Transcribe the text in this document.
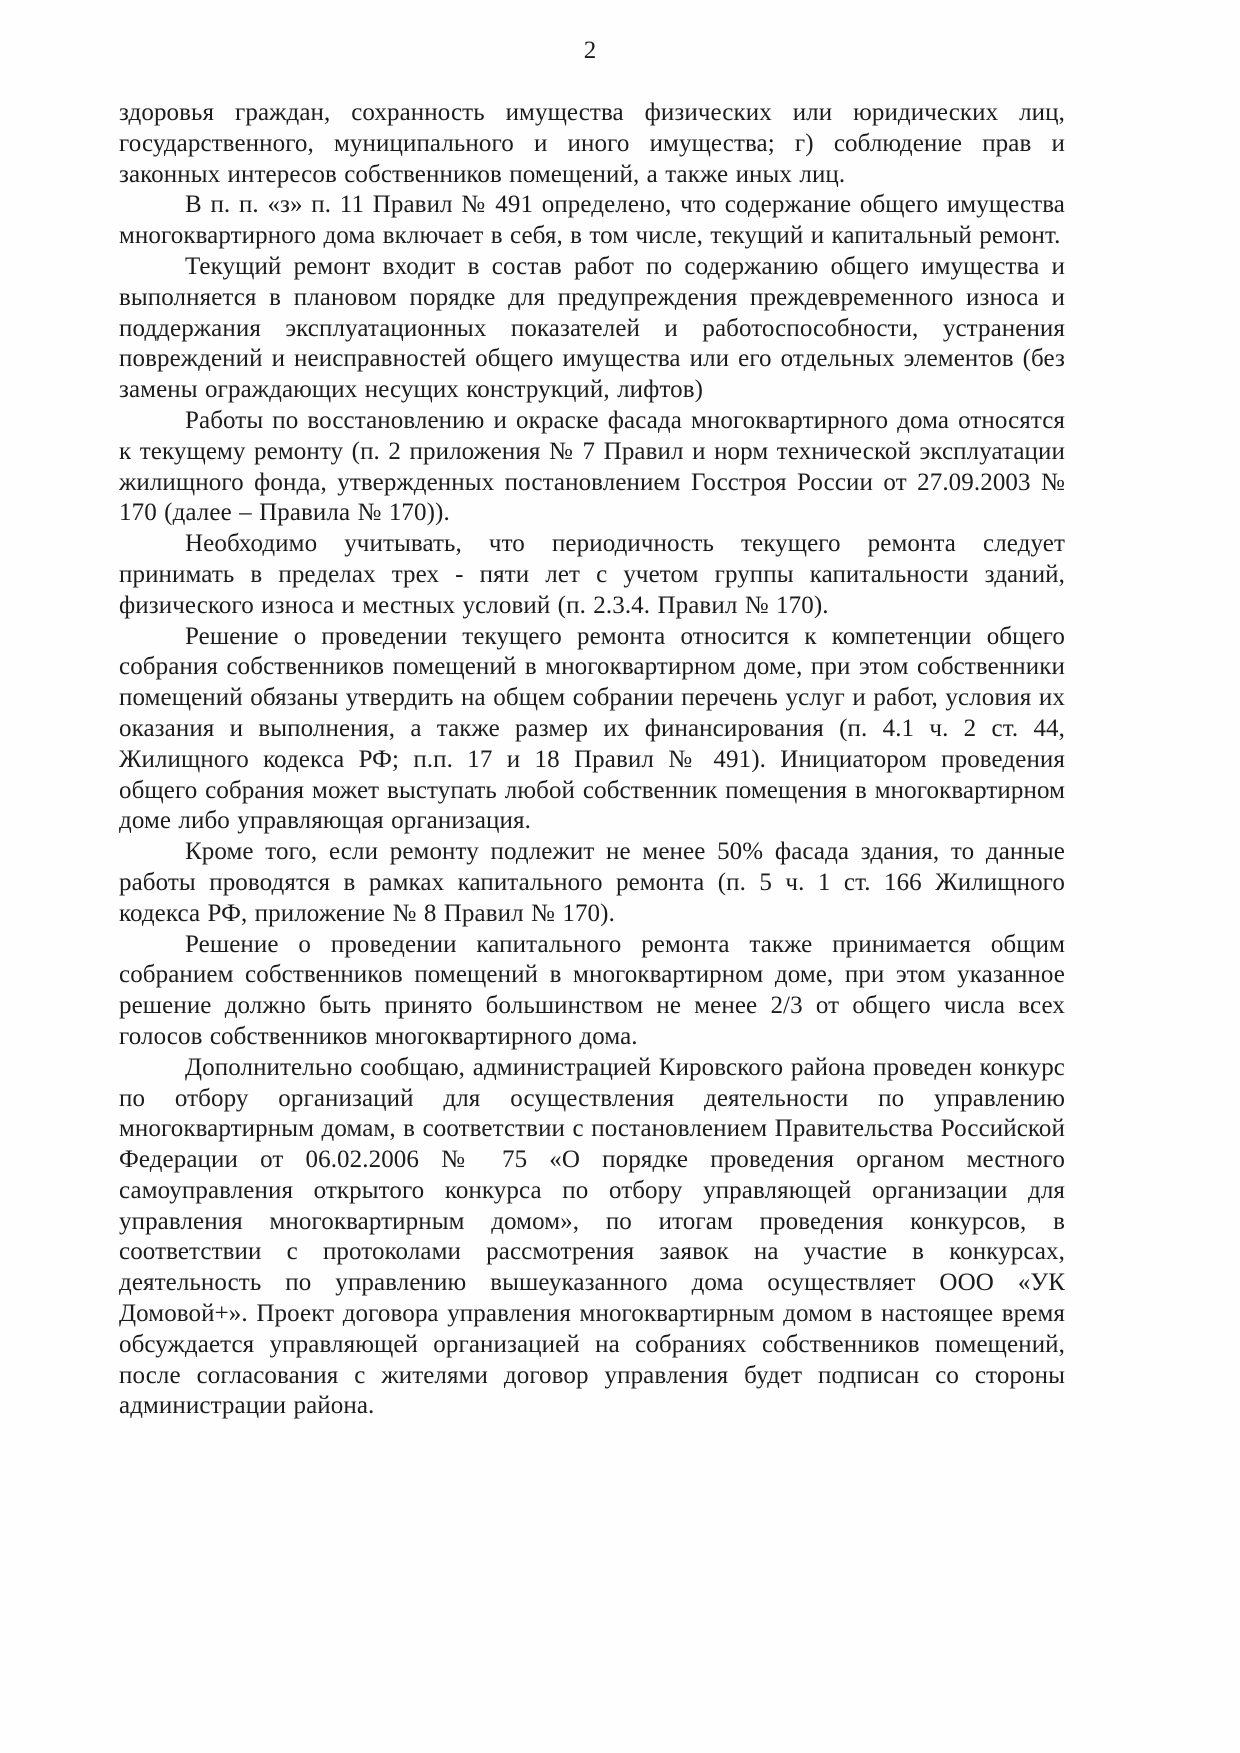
2

здоровья граждан, сохранность имущества физических или юридических лиц, государственного, муниципального и иного имущества; г) соблюдение прав и законных интересов собственников помещений, а также иных лиц.

В п. п. «з» п. 11 Правил № 491 определено, что содержание общего имущества многоквартирного дома включает в себя, в том числе, текущий и капитальный ремонт.

Текущий ремонт входит в состав работ по содержанию общего имущества и выполняется в плановом порядке для предупреждения преждевременного износа и поддержания эксплуатационных показателей и работоспособности, устранения повреждений и неисправностей общего имущества или его отдельных элементов (без замены ограждающих несущих конструкций, лифтов)

Работы по восстановлению и окраске фасада многоквартирного дома относятся к текущему ремонту (п. 2 приложения № 7 Правил и норм технической эксплуатации жилищного фонда, утвержденных постановлением Госстроя России от 27.09.2003 № 170 (далее – Правила № 170)).

Необходимо учитывать, что периодичность текущего ремонта следует принимать в пределах трех - пяти лет с учетом группы капитальности зданий, физического износа и местных условий (п. 2.3.4. Правил № 170).

Решение о проведении текущего ремонта относится к компетенции общего собрания собственников помещений в многоквартирном доме, при этом собственники помещений обязаны утвердить на общем собрании перечень услуг и работ, условия их оказания и выполнения, а также размер их финансирования (п. 4.1 ч. 2 ст. 44, Жилищного кодекса РФ; п.п. 17 и 18 Правил № 491). Инициатором проведения общего собрания может выступать любой собственник помещения в многоквартирном доме либо управляющая организация.

Кроме того, если ремонту подлежит не менее 50% фасада здания, то данные работы проводятся в рамках капитального ремонта (п. 5 ч. 1 ст. 166 Жилищного кодекса РФ, приложение № 8 Правил № 170).

Решение о проведении капитального ремонта также принимается общим собранием собственников помещений в многоквартирном доме, при этом указанное решение должно быть принято большинством не менее 2/3 от общего числа всех голосов собственников многоквартирного дома.

Дополнительно сообщаю, администрацией Кировского района проведен конкурс по отбору организаций для осуществления деятельности по управлению многоквартирным домам, в соответствии с постановлением Правительства Российской Федерации от 06.02.2006 № 75 «О порядке проведения органом местного самоуправления открытого конкурса по отбору управляющей организации для управления многоквартирным домом», по итогам проведения конкурсов, в соответствии с протоколами рассмотрения заявок на участие в конкурсах, деятельность по управлению вышеуказанного дома осуществляет ООО «УК Домовой+». Проект договора управления многоквартирным домом в настоящее время обсуждается управляющей организацией на собраниях собственников помещений, после согласования с жителями договор управления будет подписан со стороны администрации района.
